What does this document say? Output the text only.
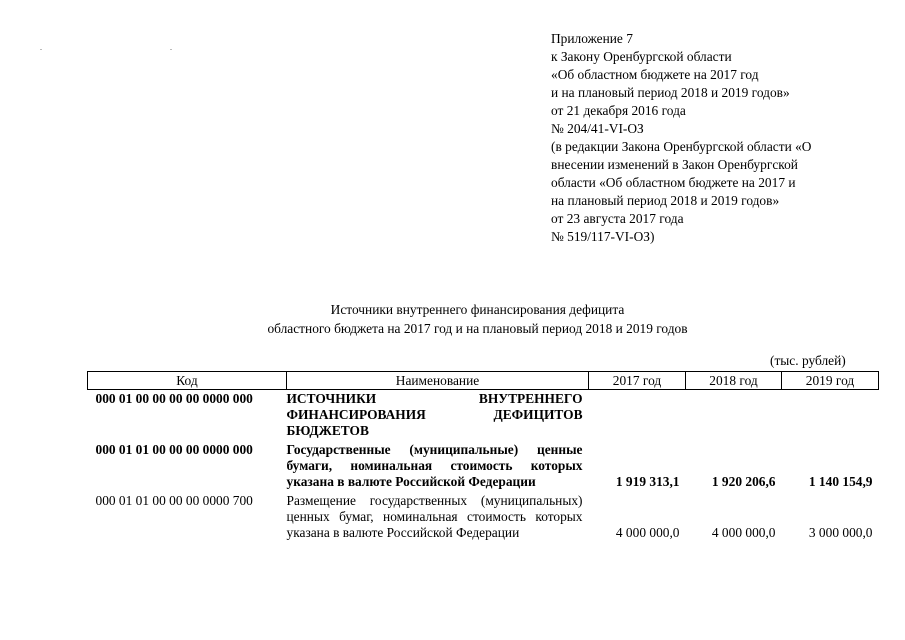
Приложение 7
к Закону Оренбургской области
«Об областном бюджете на 2017 год
и на плановый период 2018 и 2019 годов»
от 21 декабря 2016 года
№ 204/41-VI-ОЗ
(в редакции Закона Оренбургской области «О
внесении изменений в Закон Оренбургской
области «Об областном бюджете на 2017 и
на плановый период 2018 и 2019 годов»
от 23 августа 2017 года
№ 519/117-VI-ОЗ)
Источники внутреннего финансирования дефицита
областного бюджета на 2017 год и на плановый период 2018 и 2019 годов
(тыс. рублей)
Код	Наименование	2017 год	2018 год	2019 год
000 01 00 00 00 00 0000 000	ИСТОЧНИКИ ВНУТРЕННЕГО ФИНАНСИРОВАНИЯ ДЕФИЦИТОВ БЮДЖЕТОВ			
000 01 01 00 00 00 0000 000	Государственные (муниципальные) ценные бумаги, номинальная стоимость которых указана в валюте Российской Федерации	1 919 313,1	1 920 206,6	1 140 154,9
000 01 01 00 00 00 0000 700	Размещение государственных (муниципальных) ценных бумаг, номинальная стоимость которых указана в валюте Российской Федерации	4 000 000,0	4 000 000,0	3 000 000,0
